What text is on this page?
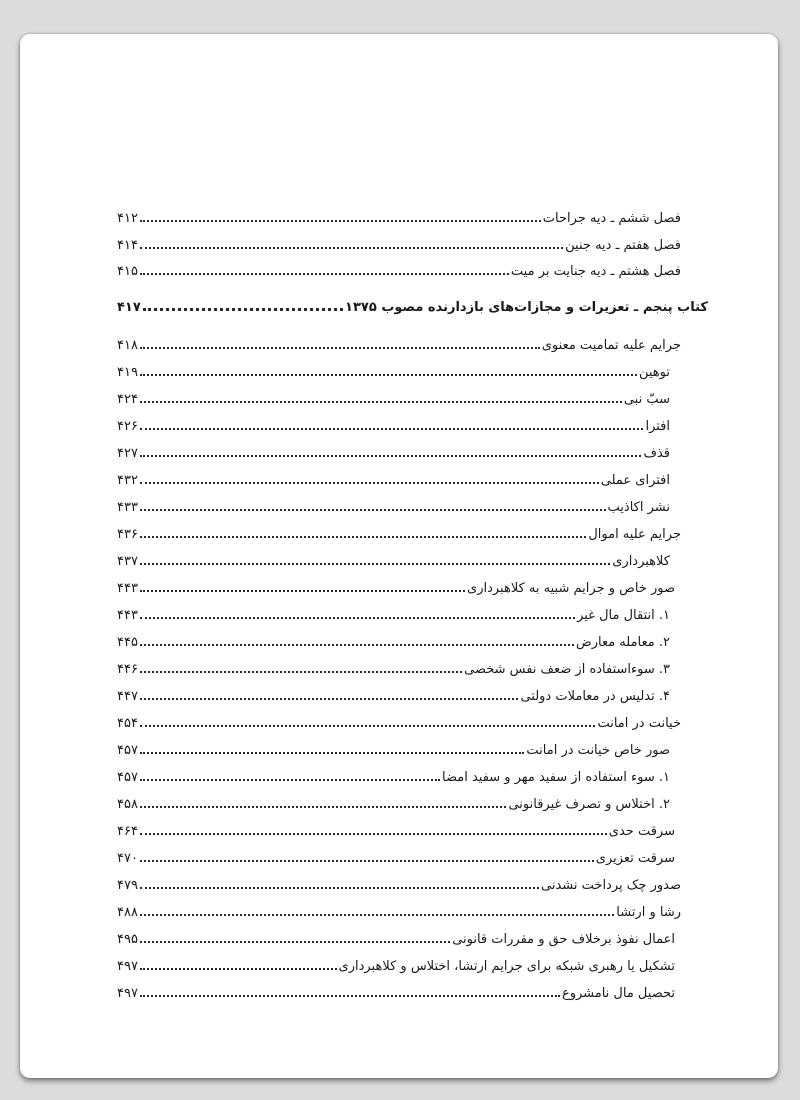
فصل ششم ـ دیه جراحات
۴۱۲
فصل هفتم ـ دیه جنین
۴۱۴
فصل هشتم ـ دیه جنایت بر میت
۴۱۵
کتاب پنجم ـ تعزیرات و مجازات‌های بازدارنده مصوب ۱۳۷۵
۴۱۷
جرایم علیه تمامیت معنوی
۴۱۸
توهین
۴۱۹
سبّ نبی
۴۲۴
افترا
۴۲۶
قذف
۴۲۷
افترای عملی
۴۳۲
نشر اکاذیب
۴۳۳
جرایم علیه اموال
۴۳۶
کلاهبرداری
۴۳۷
صور خاص و جرایم شبیه به کلاهبرداری
۴۴۳
۱. انتقال مال غیر
۴۴۳
۲. معامله معارض
۴۴۵
۳. سوءاستفاده از ضعف نفس شخصی
۴۴۶
۴. تدلیس در معاملات دولتی
۴۴۷
خیانت در امانت
۴۵۴
صور خاص خیانت در امانت
۴۵۷
۱. سوء استفاده از سفید مهر و سفید امضا
۴۵۷
۲. اختلاس و تصرف غیرقانونی
۴۵۸
سرقت حدی
۴۶۴
سرقت تعزیری
۴۷۰
صدور چک پرداخت نشدنی
۴۷۹
رشا و ارتشا
۴۸۸
اعمال نفوذ برخلاف حق و مقررات قانونی
۴۹۵
تشکیل یا رهبری شبکه برای جرایم ارتشا، اختلاس و کلاهبرداری
۴۹۷
تحصیل مال نامشروع
۴۹۷
